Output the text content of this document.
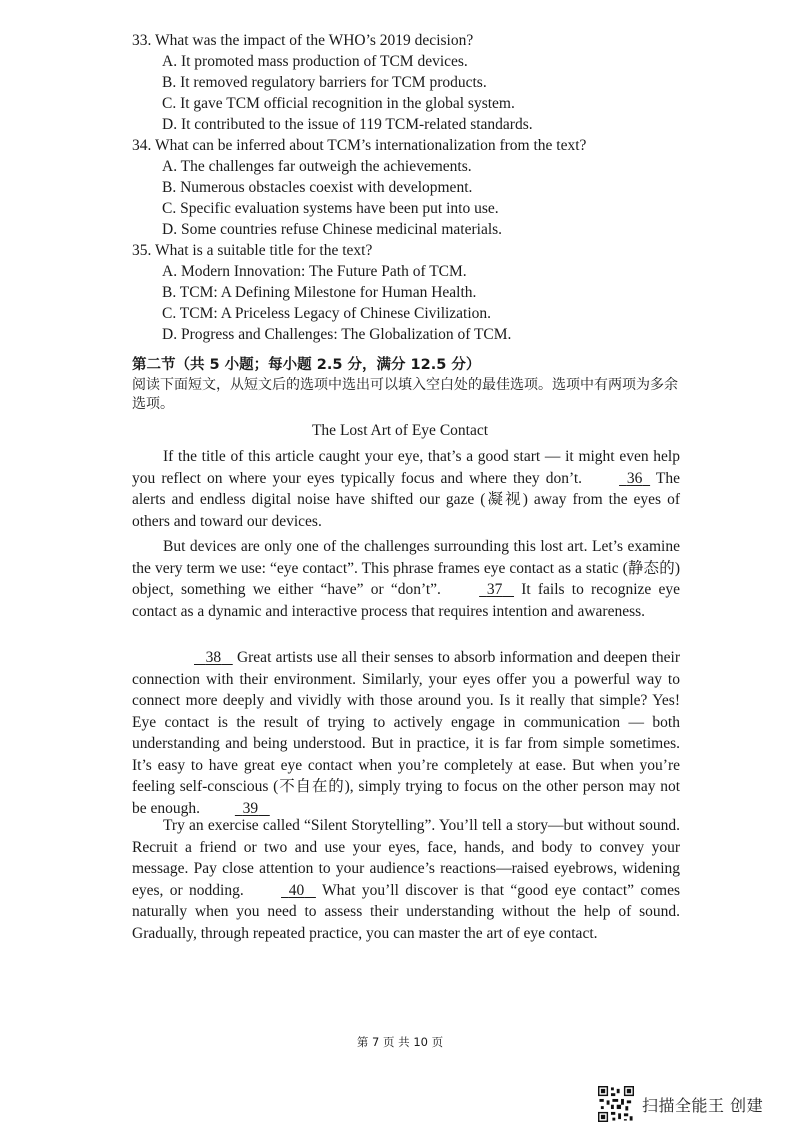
33. What was the impact of the WHO’s 2019 decision?
A. It promoted mass production of TCM devices.
B. It removed regulatory barriers for TCM products.
C. It gave TCM official recognition in the global system.
D. It contributed to the issue of 119 TCM-related standards.
34. What can be inferred about TCM’s internationalization from the text?
A. The challenges far outweigh the achievements.
B. Numerous obstacles coexist with development.
C. Specific evaluation systems have been put into use.
D. Some countries refuse Chinese medicinal materials.
35. What is a suitable title for the text?
A. Modern Innovation: The Future Path of TCM.
B. TCM: A Defining Milestone for Human Health.
C. TCM: A Priceless Legacy of Chinese Civilization.
D. Progress and Challenges: The Globalization of TCM.
第二节（共 5 小题；每小题 2.5 分，满分 12.5 分）
阅读下面短文，从短文后的选项中选出可以填入空白处的最佳选项。选项中有两项为多余选项。
The Lost Art of Eye Contact

If the title of this article caught your eye, that’s a good start — it might even help you reflect on where your eyes typically focus and where they don’t.	36   The alerts and endless digital noise have shifted our gaze (凝视) away from the eyes of others and toward our devices.

But devices are only one of the challenges surrounding this lost art. Let’s examine the very term we use: “eye contact”. This phrase frames eye contact as a static (静态的) object, something we either “have” or “don’t”.	37    It fails to recognize eye contact as a dynamic and interactive process that requires intention and awareness.

38    Great artists use all their senses to absorb information and deepen their connection with their environment. Similarly, your eyes offer you a powerful way to connect more deeply and vividly with those around you. Is it really that simple? Yes! Eye contact is the result of trying to actively engage in communication — both understanding and being understood. But in practice, it is far from simple sometimes. It’s easy to have great eye contact when you’re completely at ease. But when you’re feeling self-conscious (不自在的), simply trying to focus on the other person may not be enough.	39

Try an exercise called “Silent Storytelling”. You’ll tell a story—but without sound. Recruit a friend or two and use your eyes, face, hands, and body to convey your message. Pay close attention to your audience’s reactions—raised eyebrows, widening eyes, or nodding.	40    What you’ll discover is that “good eye contact” comes naturally when you need to assess their understanding without the help of sound. Gradually, through repeated practice, you can master the art of eye contact.

第 7 页 共 10 页
扫描全能王 创建
